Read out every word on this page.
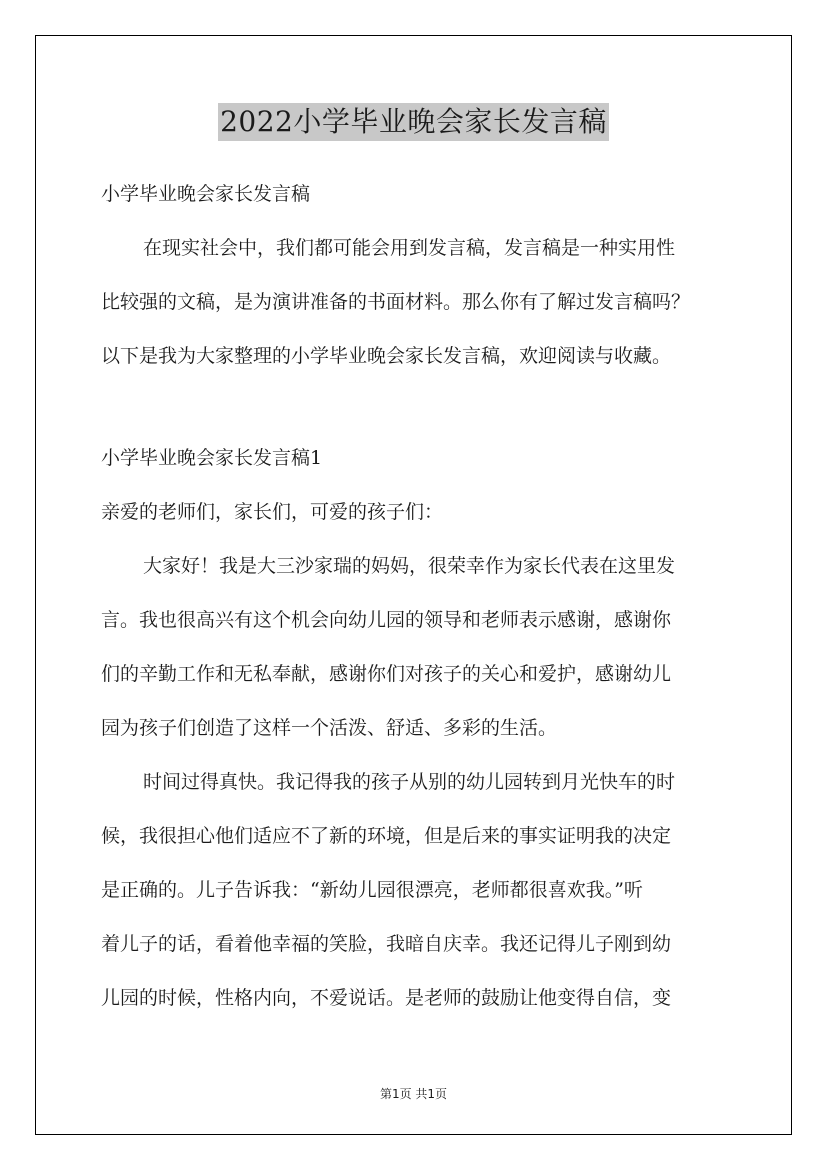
2022小学毕业晚会家长发言稿
小学毕业晚会家长发言稿
在现实社会中，我们都可能会用到发言稿，发言稿是一种实用性
比较强的文稿，是为演讲准备的书面材料。那么你有了解过发言稿吗？
以下是我为大家整理的小学毕业晚会家长发言稿，欢迎阅读与收藏。
小学毕业晚会家长发言稿1
亲爱的老师们，家长们，可爱的孩子们：
大家好！我是大三沙家瑞的妈妈，很荣幸作为家长代表在这里发
言。我也很高兴有这个机会向幼儿园的领导和老师表示感谢，感谢你
们的辛勤工作和无私奉献，感谢你们对孩子的关心和爱护，感谢幼儿
园为孩子们创造了这样一个活泼、舒适、多彩的生活。
时间过得真快。我记得我的孩子从别的幼儿园转到月光快车的时
候，我很担心他们适应不了新的环境，但是后来的事实证明我的决定
是正确的。儿子告诉我：“新幼儿园很漂亮，老师都很喜欢我。”听
着儿子的话，看着他幸福的笑脸，我暗自庆幸。我还记得儿子刚到幼
儿园的时候，性格内向，不爱说话。是老师的鼓励让他变得自信，变
第1页 共1页
